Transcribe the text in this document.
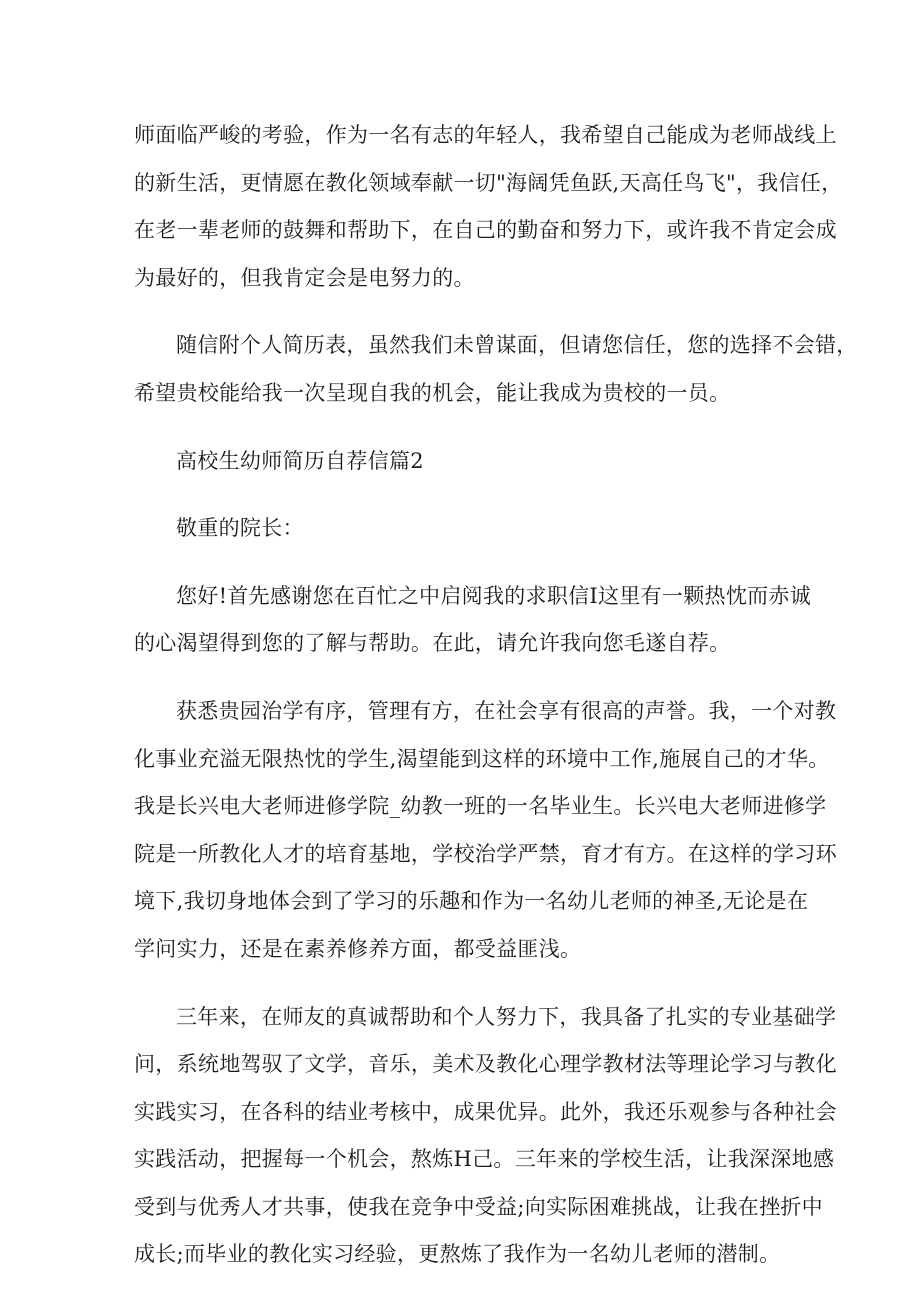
师面临严峻的考验，作为一名有志的年轻人，我希望自己能成为老师战线上
的新生活，更情愿在教化领域奉献一切"海阔凭鱼跃,天高任鸟飞"，我信任，
在老一辈老师的鼓舞和帮助下，在自己的勤奋和努力下，或许我不肯定会成
为最好的，但我肯定会是电努力的。
随信附个人简历表，虽然我们未曾谋面，但请您信任，您的选择不会错，
希望贵校能给我一次呈现自我的机会，能让我成为贵校的一员。
高校生幼师简历自荐信篇2
敬重的院长：
您好!首先感谢您在百忙之中启阅我的求职信I这里有一颗热忱而赤诚
的心渴望得到您的了解与帮助。在此，请允许我向您毛遂自荐。
获悉贵园治学有序，管理有方，在社会享有很高的声誉。我，一个对教
化事业充溢无限热忱的学生,渴望能到这样的环境中工作,施展自己的才华。
我是长兴电大老师进修学院_幼教一班的一名毕业生。长兴电大老师进修学
院是一所教化人才的培育基地，学校治学严禁，育才有方。在这样的学习环
境下,我切身地体会到了学习的乐趣和作为一名幼儿老师的神圣,无论是在
学问实力，还是在素养修养方面，都受益匪浅。
三年来，在师友的真诚帮助和个人努力下，我具备了扎实的专业基础学
问，系统地驾驭了文学，音乐，美术及教化心理学教材法等理论学习与教化
实践实习，在各科的结业考核中，成果优异。此外，我还乐观参与各种社会
实践活动，把握每一个机会，熬炼H己。三年来的学校生活，让我深深地感
受到与优秀人才共事，使我在竞争中受益;向实际困难挑战，让我在挫折中
成长;而毕业的教化实习经验，更熬炼了我作为一名幼儿老师的潜制。
